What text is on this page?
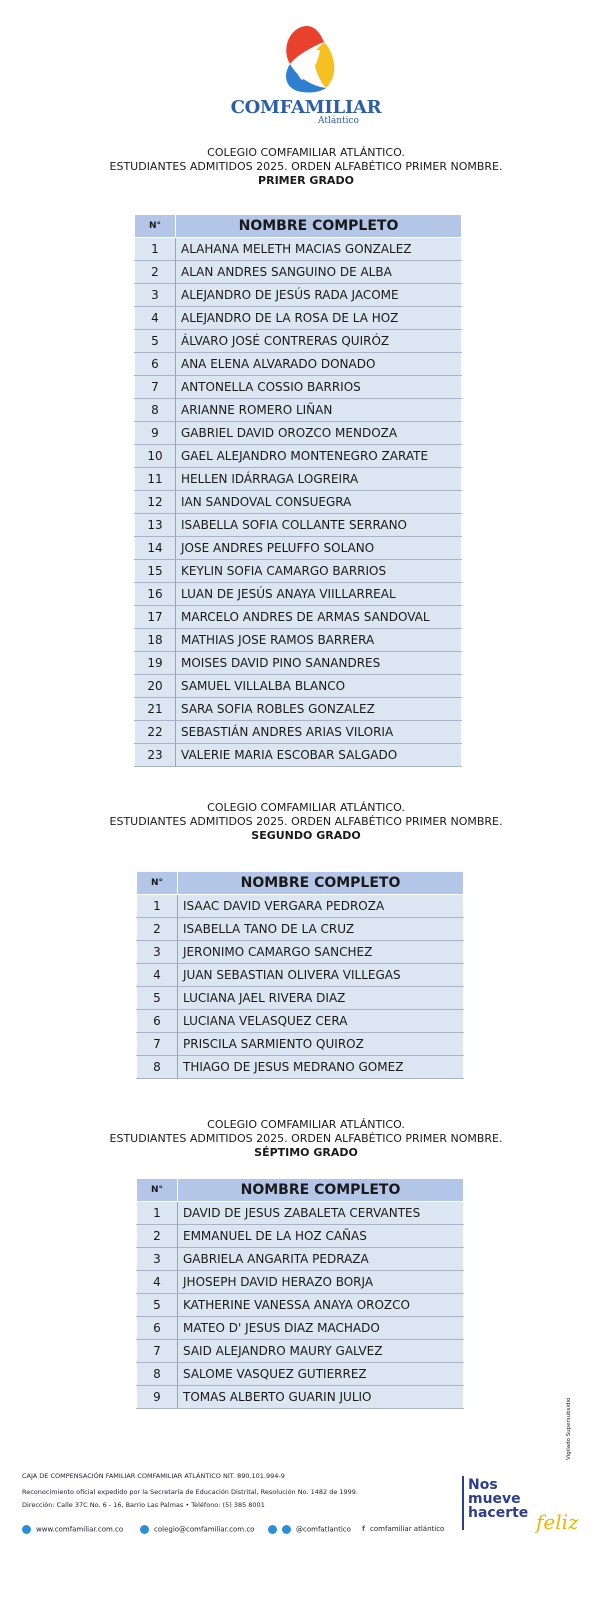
COMFAMILIAR
Atlántico
COLEGIO COMFAMILIAR ATLÁNTICO.
ESTUDIANTES ADMITIDOS 2025. ORDEN ALFABÉTICO PRIMER NOMBRE.
PRIMER GRADO
N°	NOMBRE COMPLETO
1	ALAHANA MELETH MACIAS GONZALEZ
2	ALAN ANDRES SANGUINO DE ALBA
3	ALEJANDRO DE JESÚS RADA JACOME
4	ALEJANDRO DE LA ROSA DE LA HOZ
5	ÁLVARO JOSÉ CONTRERAS QUIRÓZ
6	ANA ELENA ALVARADO DONADO
7	ANTONELLA COSSIO BARRIOS
8	ARIANNE ROMERO LIÑAN
9	GABRIEL DAVID OROZCO MENDOZA
10	GAEL ALEJANDRO MONTENEGRO ZARATE
11	HELLEN IDÁRRAGA LOGREIRA
12	IAN SANDOVAL CONSUEGRA
13	ISABELLA SOFIA COLLANTE SERRANO
14	JOSE ANDRES PELUFFO SOLANO
15	KEYLIN SOFIA CAMARGO BARRIOS
16	LUAN DE JESÚS ANAYA VIILLARREAL
17	MARCELO ANDRES DE ARMAS SANDOVAL
18	MATHIAS JOSE RAMOS BARRERA
19	MOISES DAVID PINO SANANDRES
20	SAMUEL VILLALBA BLANCO
21	SARA SOFIA ROBLES GONZALEZ
22	SEBASTIÁN ANDRES ARIAS VILORIA
23	VALERIE MARIA ESCOBAR SALGADO
COLEGIO COMFAMILIAR ATLÁNTICO.
ESTUDIANTES ADMITIDOS 2025. ORDEN ALFABÉTICO PRIMER NOMBRE.
SEGUNDO GRADO
N°	NOMBRE COMPLETO
1	ISAAC DAVID VERGARA PEDROZA
2	ISABELLA TANO DE LA CRUZ
3	JERONIMO CAMARGO SANCHEZ
4	JUAN SEBASTIAN OLIVERA VILLEGAS
5	LUCIANA JAEL RIVERA DIAZ
6	LUCIANA VELASQUEZ CERA
7	PRISCILA SARMIENTO QUIROZ
8	THIAGO DE JESUS MEDRANO GOMEZ
COLEGIO COMFAMILIAR ATLÁNTICO.
ESTUDIANTES ADMITIDOS 2025. ORDEN ALFABÉTICO PRIMER NOMBRE.
SÉPTIMO GRADO
N°	NOMBRE COMPLETO
1	DAVID DE JESUS ZABALETA CERVANTES
2	EMMANUEL DE LA HOZ CAÑAS
3	GABRIELA ANGARITA PEDRAZA
4	JHOSEPH DAVID HERAZO BORJA
5	KATHERINE VANESSA ANAYA OROZCO
6	MATEO D' JESUS DIAZ MACHADO
7	SAID ALEJANDRO MAURY GALVEZ
8	SALOME VASQUEZ GUTIERREZ
9	TOMAS ALBERTO GUARIN JULIO
Vigilado Supersubsidio
CAJA DE COMPENSACIÓN FAMILIAR COMFAMILIAR ATLÁNTICO NIT. 890.101.994-9
Reconocimiento oficial expedido por la Secretaría de Educación Distrital, Resolución No. 1482 de 1999.
Dirección: Calle 37C No. 6 - 16, Barrio Las Palmas • Teléfono: (5) 385 8001
www.comfamiliar.com.co	colegio@comfamiliar.com.co	@comfatlantico f comfamiliar atlántico
Nos
mueve
hacerte feliz
